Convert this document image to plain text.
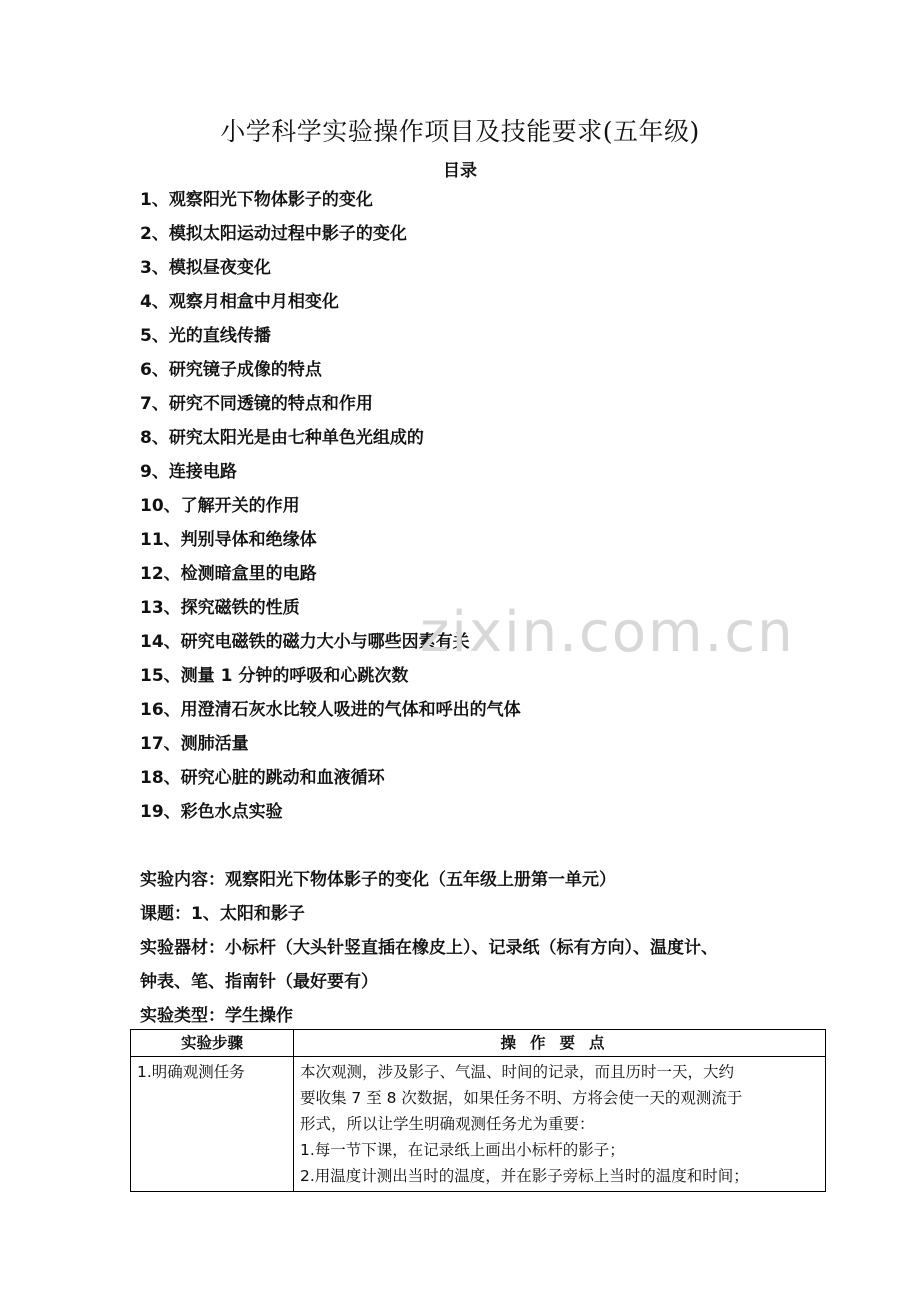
小学科学实验操作项目及技能要求(五年级)
目录
1、观察阳光下物体影子的变化
2、模拟太阳运动过程中影子的变化
3、模拟昼夜变化
4、观察月相盒中月相变化
5、光的直线传播
6、研究镜子成像的特点
7、研究不同透镜的特点和作用
8、研究太阳光是由七种单色光组成的
9、连接电路
10、了解开关的作用
11、判别导体和绝缘体
12、检测暗盒里的电路
13、探究磁铁的性质
14、研究电磁铁的磁力大小与哪些因素有关
15、测量 1 分钟的呼吸和心跳次数
16、用澄清石灰水比较人吸进的气体和呼出的气体
17、测肺活量
18、研究心脏的跳动和血液循环
19、彩色水点实验
实验内容：观察阳光下物体影子的变化（五年级上册第一单元）
课题：1、太阳和影子
实验器材：小标杆（大头针竖直插在橡皮上）、记录纸（标有方向）、温度计、
钟表、笔、指南针（最好要有）
实验类型：学生操作
实验步骤	操作要点
1.明确观测任务	本次观测，涉及影子、气温、时间的记录，而且历时一天，大约

要收集 7 至 8 次数据，如果任务不明、方将会使一天的观测流于

形式，所以让学生明确观测任务尤为重要：

1.每一节下课，在记录纸上画出小标杆的影子；

2.用温度计测出当时的温度，并在影子旁标上当时的温度和时间；

zixin.com.cn
